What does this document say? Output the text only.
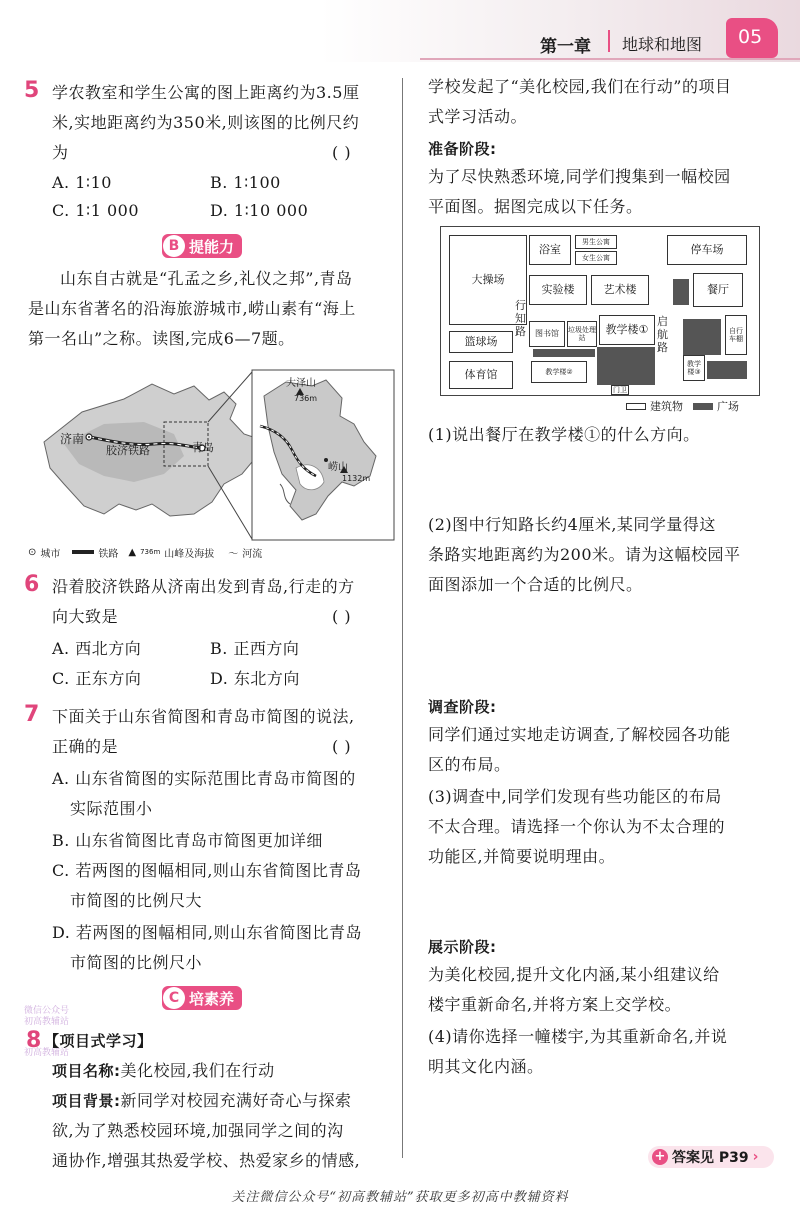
第一章 地球和地图 05
5 学农教室和学生公寓的图上距离约为3.5厘
米,实地距离约为350米,则该图的比例尺约
为	( )
A. 1∶10	B. 1∶100
C. 1∶1 000	D. 1∶10 000
B 提能力
山东自古就是“孔孟之乡,礼仪之邦”,青岛
是山东省著名的沿海旅游城市,崂山素有“海上
第一名山”之称。读图,完成6—7题。
济南
青岛
胶济铁路
大泽山
736m
崂山
1132m
⊙ 城市	铁路 ▲ 736m 山峰及海拔 〜 河流
6 沿着胶济铁路从济南出发到青岛,行走的方
向大致是	( )
A. 西北方向	B. 正西方向
C. 正东方向	D. 东北方向
7 下面关于山东省简图和青岛市简图的说法,
正确的是	( )
A. 山东省简图的实际范围比青岛市简图的
实际范围小
B. 山东省简图比青岛市简图更加详细
C. 若两图的图幅相同,则山东省简图比青岛
市简图的比例尺大
D. 若两图的图幅相同,则山东省简图比青岛
市简图的比例尺小
C 培素养
微信公众号
初高教辅站
初高教辅站
8 【项目式学习】
项目名称:美化校园,我们在行动
项目背景:新同学对校园充满好奇心与探索
欲,为了熟悉校园环境,加强同学之间的沟
通协作,增强其热爱学校、热爱家乡的情感,
学校发起了“美化校园,我们在行动”的项目
式学习活动。
准备阶段:
为了尽快熟悉环境,同学们搜集到一幅校园
平面图。据图完成以下任务。
大操场
浴室
男生公寓
女生公寓
停车场
实验楼	艺术楼	餐厅
行知路
启航路
篮球场
图书馆	垃圾处理站
教学楼①	自行车棚
教学楼②
教学楼③
体育馆
门卫
建筑物	广场
(1)说出餐厅在教学楼①的什么方向。
(2)图中行知路长约4厘米,某同学量得这
条路实地距离约为200米。请为这幅校园平
面图添加一个合适的比例尺。
调查阶段:
同学们通过实地走访调查,了解校园各功能
区的布局。
(3)调查中,同学们发现有些功能区的布局
不太合理。请选择一个你认为不太合理的
功能区,并简要说明理由。
展示阶段:
为美化校园,提升文化内涵,某小组建议给
楼宇重新命名,并将方案上交学校。
(4)请你选择一幢楼宇,为其重新命名,并说
明其文化内涵。
+ 答案见 P39 ›
关注微信公众号“初高教辅站”获取更多初高中教辅资料
